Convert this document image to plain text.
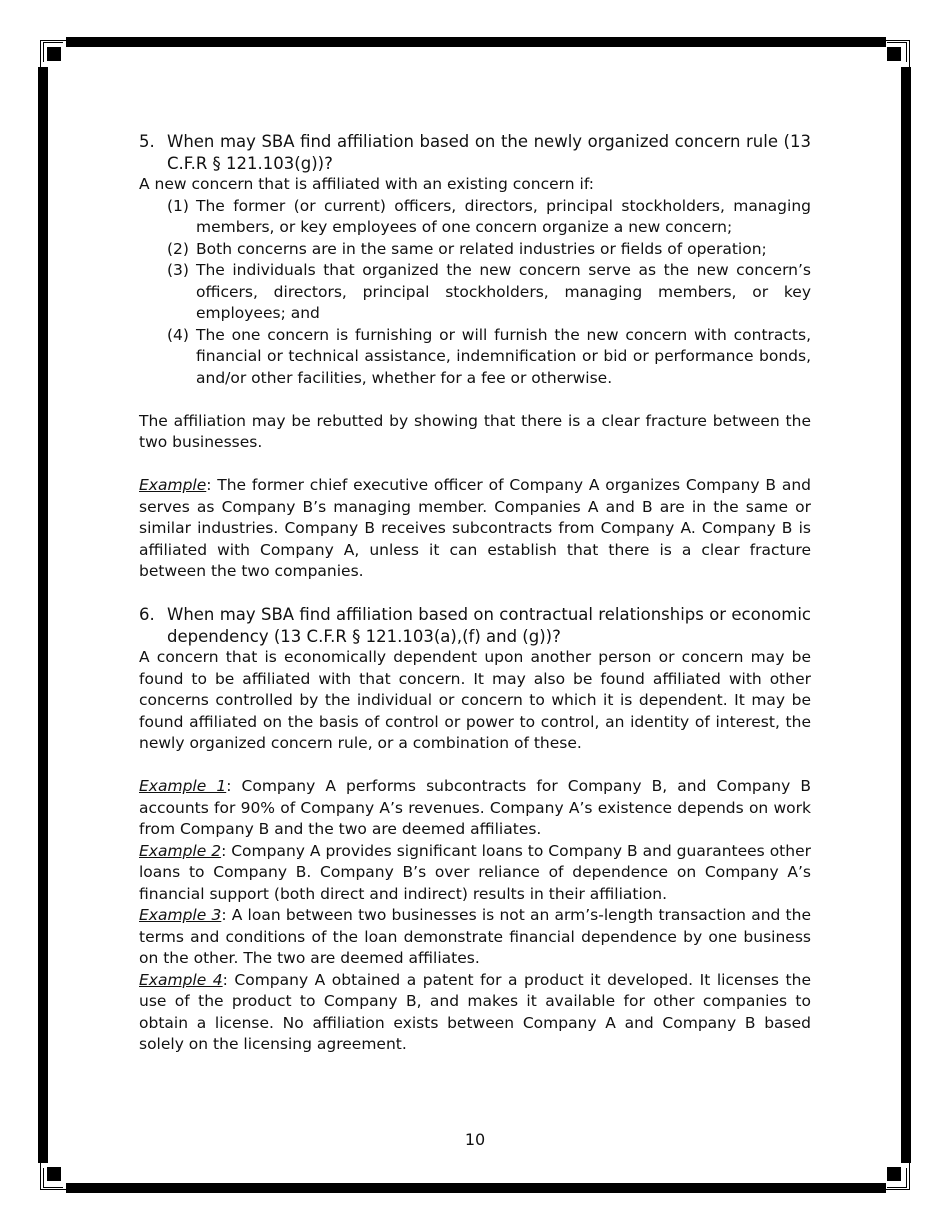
5. When may SBA find affiliation based on the newly organized concern rule (13 C.F.R § 121.103(g))?

A new concern that is affiliated with an existing concern if:

(1) The former (or current) officers, directors, principal stockholders, managing members, or key employees of one concern organize a new concern;
(2) Both concerns are in the same or related industries or fields of operation;
(3) The individuals that organized the new concern serve as the new concern’s officers, directors, principal stockholders, managing members, or key employees; and
(4) The one concern is furnishing or will furnish the new concern with contracts, financial or technical assistance, indemnification or bid or performance bonds, and/or other facilities, whether for a fee or otherwise.

The affiliation may be rebutted by showing that there is a clear fracture between the two businesses.

Example: The former chief executive officer of Company A organizes Company B and serves as Company B’s managing member. Companies A and B are in the same or similar industries. Company B receives subcontracts from Company A. Company B is affiliated with Company A, unless it can establish that there is a clear fracture between the two companies.

6. When may SBA find affiliation based on contractual relationships or economic dependency (13 C.F.R § 121.103(a),(f) and (g))?

A concern that is economically dependent upon another person or concern may be found to be affiliated with that concern. It may also be found affiliated with other concerns controlled by the individual or concern to which it is dependent. It may be found affiliated on the basis of control or power to control, an identity of interest, the newly organized concern rule, or a combination of these.

Example 1: Company A performs subcontracts for Company B, and Company B accounts for 90% of Company A’s revenues. Company A’s existence depends on work from Company B and the two are deemed affiliates.

Example 2: Company A provides significant loans to Company B and guarantees other loans to Company B. Company B’s over reliance of dependence on Company A’s financial support (both direct and indirect) results in their affiliation.

Example 3: A loan between two businesses is not an arm’s-length transaction and the terms and conditions of the loan demonstrate financial dependence by one business on the other. The two are deemed affiliates.

Example 4: Company A obtained a patent for a product it developed. It licenses the use of the product to Company B, and makes it available for other companies to obtain a license. No affiliation exists between Company A and Company B based solely on the licensing agreement.

10
